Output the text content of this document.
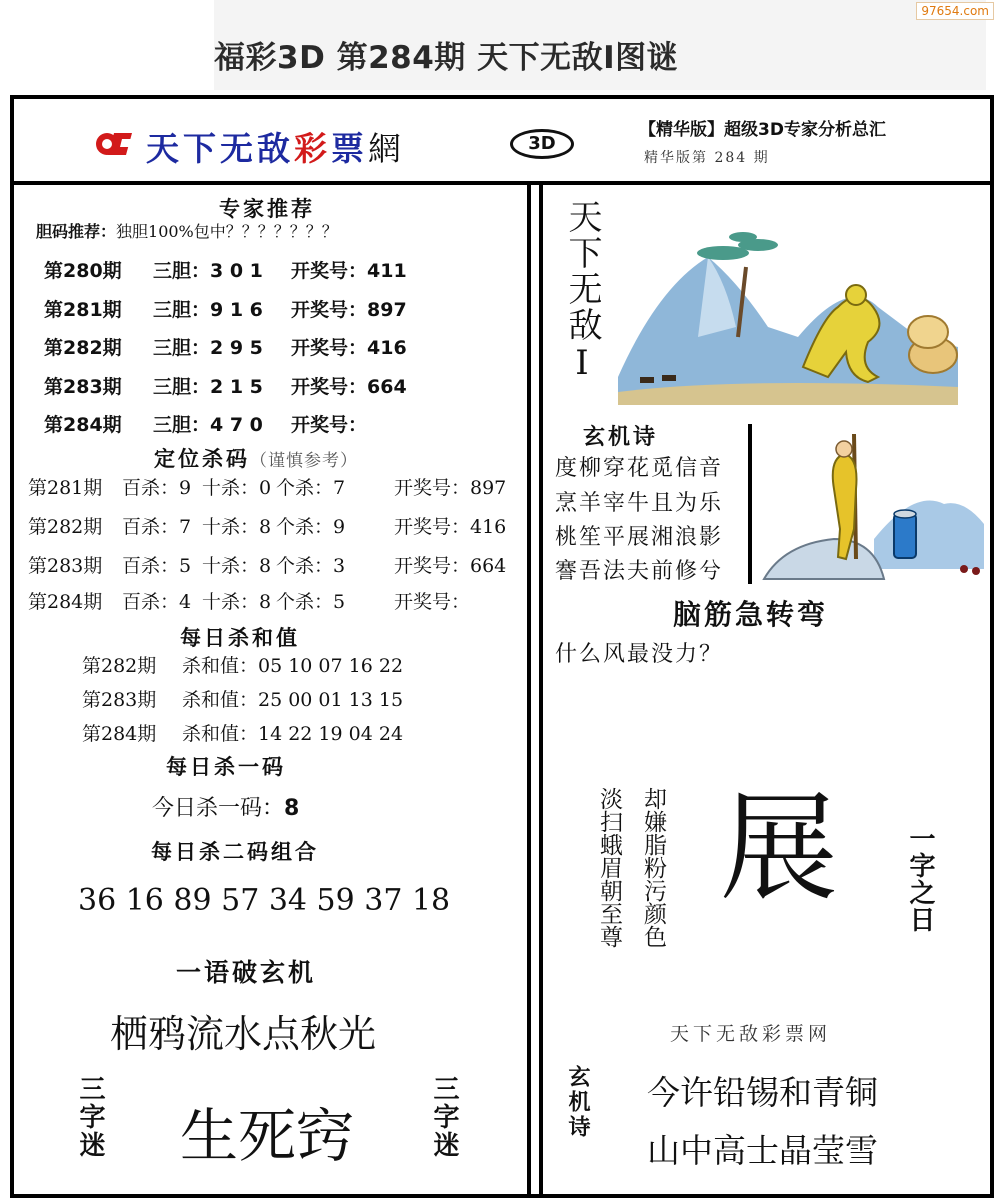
福彩3D 第284期 天下无敌Ⅰ图谜
97654.com
天下无敌彩票網	3D
【精华版】超级3D专家分析总汇
精华版第 284 期
专家推荐
胆码推荐：独胆100%包中？？？？？？？
第280期 三胆：3 0 1 开奖号：411
第281期 三胆：9 1 6 开奖号：897
第282期 三胆：2 9 5 开奖号：416
第283期 三胆：2 1 5 开奖号：664
第284期 三胆：4 7 0 开奖号：
定位杀码（谨慎参考）
第281期 百杀：9 十杀：0 个杀：7	开奖号：897
第282期 百杀：7 十杀：8 个杀：9	开奖号：416
第283期 百杀：5 十杀：8 个杀：3	开奖号：664
第284期 百杀：4 十杀：8 个杀：5	开奖号：
每日杀和值
第282期 杀和值：05 10 07 16 22
第283期 杀和值：25 00 01 13 15
第284期 杀和值：14 22 19 04 24
每日杀一码
今日杀一码：8
每日杀二码组合
36 16 89 57 34 59 37 18
一语破玄机
栖鸦流水点秋光
三字迷 生死窍	三字迷
天下无敌Ⅰ
玄机诗
度柳穿花觅信音
烹羊宰牛且为乐
桃笙平展湘浪影
謇吾法夫前修兮
脑筋急转弯
什么风最没力？
却嫌脂粉污颜色
淡扫蛾眉朝至尊 展	一字之日
天下无敌彩票网
玄机诗 今许铅锡和青铜
山中高士晶莹雪
